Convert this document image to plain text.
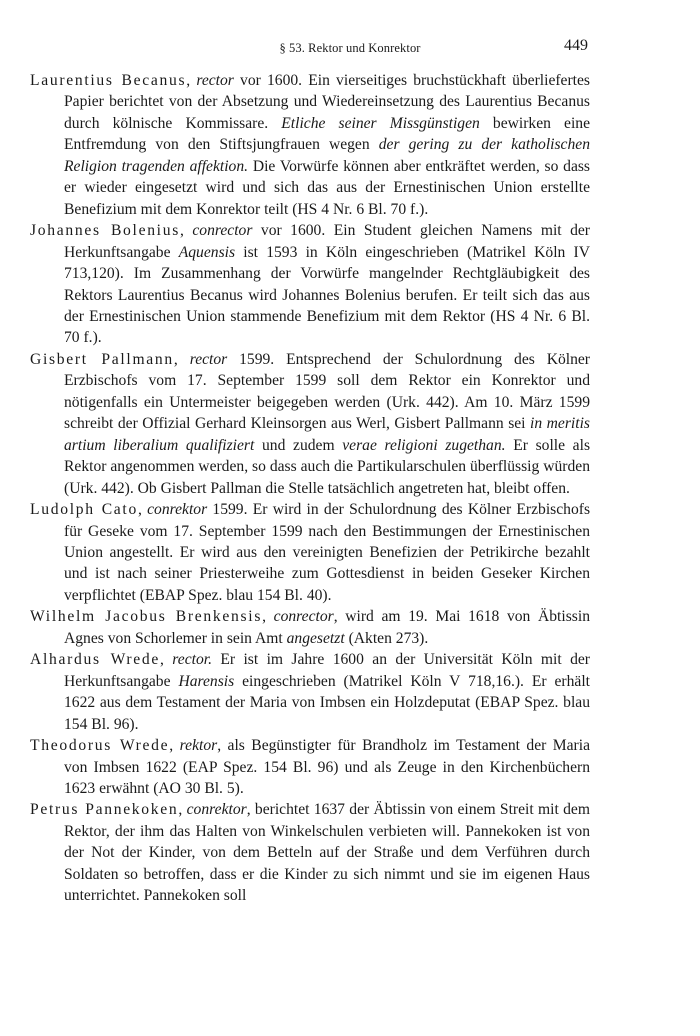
§ 53. Rektor und Konrektor	449

Laurentius Becanus, rector vor 1600. Ein vierseitiges bruchstückhaft überliefertes Papier berichtet von der Absetzung und Wiedereinsetzung des Laurentius Becanus durch kölnische Kommissare. Etliche seiner Missgünstigen bewirken eine Entfremdung von den Stiftsjungfrauen wegen der gering zu der katholischen Religion tragenden affektion. Die Vorwürfe können aber entkräftet werden, so dass er wieder eingesetzt wird und sich das aus der Ernestinischen Union erstellte Benefizium mit dem Konrektor teilt (HS 4 Nr. 6 Bl. 70 f.).

Johannes Bolenius, conrector vor 1600. Ein Student gleichen Namens mit der Herkunftsangabe Aquensis ist 1593 in Köln eingeschrieben (Matrikel Köln IV 713,120). Im Zusammenhang der Vorwürfe mangelnder Rechtgläubigkeit des Rektors Laurentius Becanus wird Johannes Bolenius berufen. Er teilt sich das aus der Ernestinischen Union stammende Benefizium mit dem Rektor (HS 4 Nr. 6 Bl. 70 f.).

Gisbert Pallmann, rector 1599. Entsprechend der Schulordnung des Kölner Erzbischofs vom 17. September 1599 soll dem Rektor ein Konrektor und nötigenfalls ein Untermeister beigegeben werden (Urk. 442). Am 10. März 1599 schreibt der Offizial Gerhard Kleinsorgen aus Werl, Gisbert Pallmann sei in meritis artium liberalium qualifiziert und zudem verae religioni zugethan. Er solle als Rektor angenommen werden, so dass auch die Partikularschulen überflüssig würden (Urk. 442). Ob Gisbert Pallman die Stelle tatsächlich angetreten hat, bleibt offen.

Ludolph Cato, conrektor 1599. Er wird in der Schulordnung des Kölner Erzbischofs für Geseke vom 17. September 1599 nach den Bestimmungen der Ernestinischen Union angestellt. Er wird aus den vereinigten Benefizien der Petrikirche bezahlt und ist nach seiner Priesterweihe zum Gottesdienst in beiden Geseker Kirchen verpflichtet (EBAP Spez. blau 154 Bl. 40).

Wilhelm Jacobus Brenkensis, conrector, wird am 19. Mai 1618 von Äbtissin Agnes von Schorlemer in sein Amt angesetzt (Akten 273).

Alhardus Wrede, rector. Er ist im Jahre 1600 an der Universität Köln mit der Herkunftsangabe Harensis eingeschrieben (Matrikel Köln V 718,16.). Er erhält 1622 aus dem Testament der Maria von Imbsen ein Holzdeputat (EBAP Spez. blau 154 Bl. 96).

Theodorus Wrede, rektor, als Begünstigter für Brandholz im Testament der Maria von Imbsen 1622 (EAP Spez. 154 Bl. 96) und als Zeuge in den Kirchenbüchern 1623 erwähnt (AO 30 Bl. 5).

Petrus Pannekoken, conrektor, berichtet 1637 der Äbtissin von einem Streit mit dem Rektor, der ihm das Halten von Winkelschulen verbieten will. Pannekoken ist von der Not der Kinder, von dem Betteln auf der Straße und dem Verführen durch Soldaten so betroffen, dass er die Kinder zu sich nimmt und sie im eigenen Haus unterrichtet. Pannekoken soll
